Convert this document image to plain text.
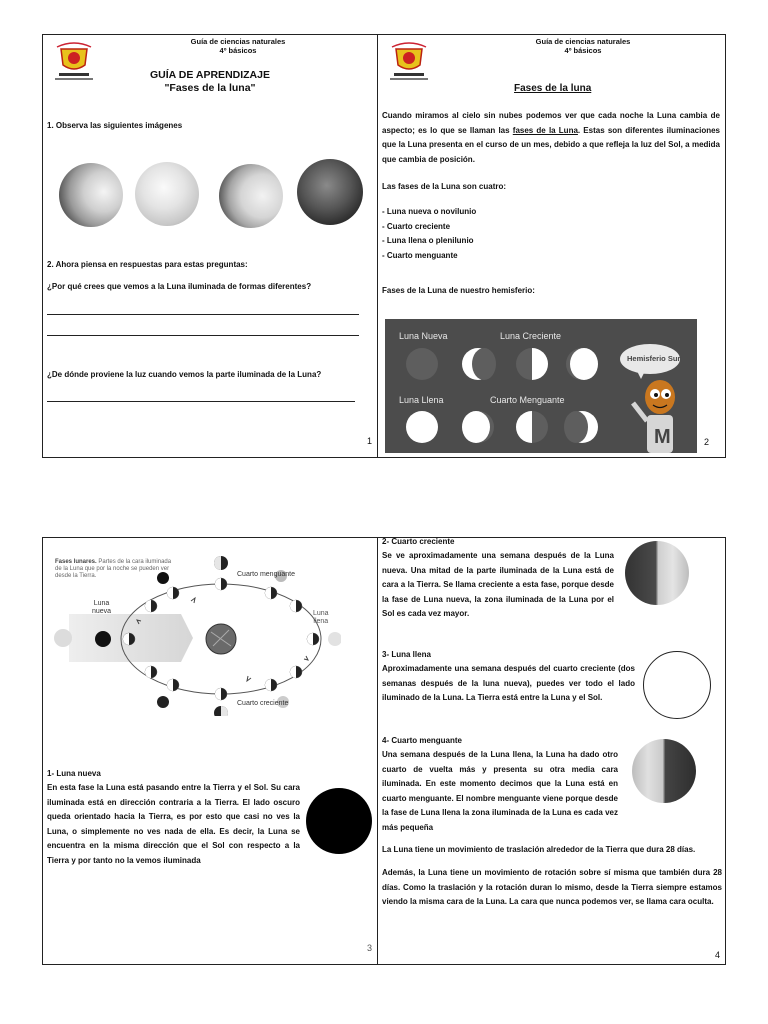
Guía de ciencias naturales
4º básicos
GUÍA DE APRENDIZAJE
"Fases de la luna"
1. Observa las siguientes imágenes
2. Ahora piensa en respuestas para estas preguntas:
¿Por qué crees que vemos a la Luna iluminada de formas diferentes?
¿De dónde proviene la luz cuando vemos la parte iluminada de la Luna?
1
Guía de ciencias naturales
4º básicos
Fases de la luna
Cuando miramos al cielo sin nubes podemos ver que cada noche la Luna cambia de aspecto; es lo que se llaman las fases de la Luna. Estas son diferentes iluminaciones que la Luna presenta en el curso de un mes, debido a que refleja la luz del Sol, a medida que cambia de posición.
Las fases de la Luna son cuatro:
- Luna nueva o novilunio
- Cuarto creciente
- Luna llena o plenilunio
- Cuarto menguante
Fases de la Luna de nuestro hemisferio:
Luna Nueva	Luna Creciente
Luna Llena	Cuarto Menguante
M
Hemisferio Sur
2
Fases lunares. Partes de la cara iluminada de la Luna que por la noche se pueden ver desde la Tierra.	Cuarto menguante
Cuarto creciente
Luna
nueva	Luna
llena
1- Luna nueva
En esta fase la Luna está pasando entre la Tierra y el Sol. Su cara iluminada está en dirección contraria a la Tierra. El lado oscuro queda orientado hacia la Tierra, es por esto que casi no ves la Luna, o simplemente no ves nada de ella. Es decir, la Luna se encuentra en la misma dirección que el Sol con respecto a la Tierra y por tanto no la vemos iluminada
3
2- Cuarto creciente
Se ve aproximadamente una semana después de la Luna nueva. Una mitad de la parte iluminada de la Luna está de cara a la Tierra. Se llama creciente a esta fase, porque desde la fase de Luna nueva, la zona iluminada de la Luna por el Sol es cada vez mayor.
3- Luna llena
Aproximadamente una semana después del cuarto creciente (dos semanas después de la luna nueva), puedes ver todo el lado iluminado de la Luna. La Tierra está entre la Luna y el Sol.
4- Cuarto menguante
Una semana después de la Luna llena, la Luna ha dado otro cuarto de vuelta más y presenta su otra media cara iluminada. En este momento decimos que la Luna está en cuarto menguante. El nombre menguante viene porque desde la fase de Luna llena la zona iluminada de la Luna es cada vez más pequeña
La Luna tiene un movimiento de traslación alrededor de la Tierra que dura 28 días.
Además, la Luna tiene un movimiento de rotación sobre sí misma que también dura 28 días. Como la traslación y la rotación duran lo mismo, desde la Tierra siempre estamos viendo la misma cara de la Luna. La cara que nunca podemos ver, se llama cara oculta.
4
